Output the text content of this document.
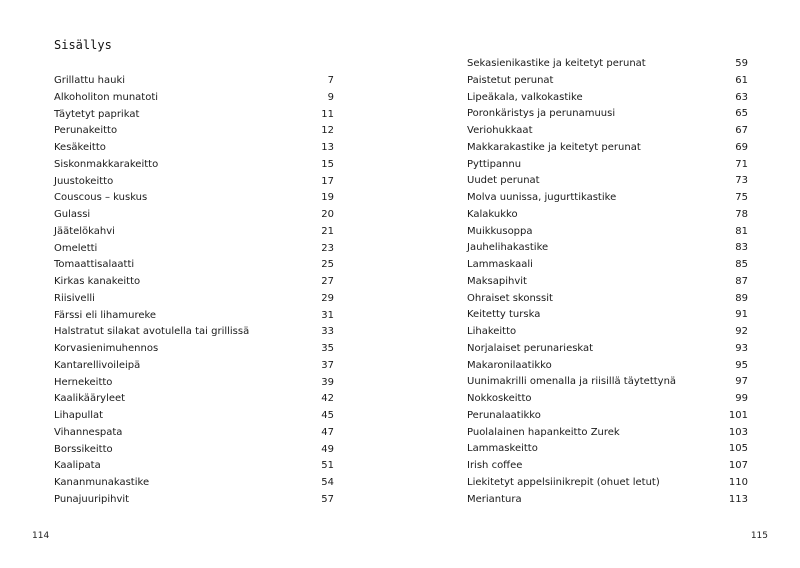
Sisällys
Grillattu hauki	7
Alkoholiton munatoti	9
Täytetyt paprikat	11
Perunakeitto	12
Kesäkeitto	13
Siskonmakkarakeitto	15
Juustokeitto	17
Couscous – kuskus	19
Gulassi	20
Jäätelökahvi	21
Omeletti	23
Tomaattisalaatti	25
Kirkas kanakeitto	27
Riisivelli	29
Färssi eli lihamureke	31
Halstratut silakat avotulella tai grillissä	33
Korvasienimuhennos	35
Kantarellivoileipä	37
Hernekeitto	39
Kaalikääryleet	42
Lihapullat	45
Vihannespata	47
Borssikeitto	49
Kaalipata	51
Kananmunakastike	54
Punajuuripihvit	57
Sekasienikastike ja keitetyt perunat	59
Paistetut perunat	61
Lipeäkala, valkokastike	63
Poronkäristys ja perunamuusi	65
Veriohukkaat	67
Makkarakastike ja keitetyt perunat	69
Pyttipannu	71
Uudet perunat	73
Molva uunissa, jugurttikastike	75
Kalakukko	78
Muikkusoppa	81
Jauhelihakastike	83
Lammaskaali	85
Maksapihvit	87
Ohraiset skonssit	89
Keitetty turska	91
Lihakeitto	92
Norjalaiset perunarieskat	93
Makaronilaatikko	95
Uunimakrilli omenalla ja riisillä täytettynä	97
Nokkoskeitto	99
Perunalaatikko	101
Puolalainen hapankeitto Zurek	103
Lammaskeitto	105
Irish coffee	107
Liekitetyt appelsiinikrepit (ohuet letut)	110
Meriantura	113
114	115
